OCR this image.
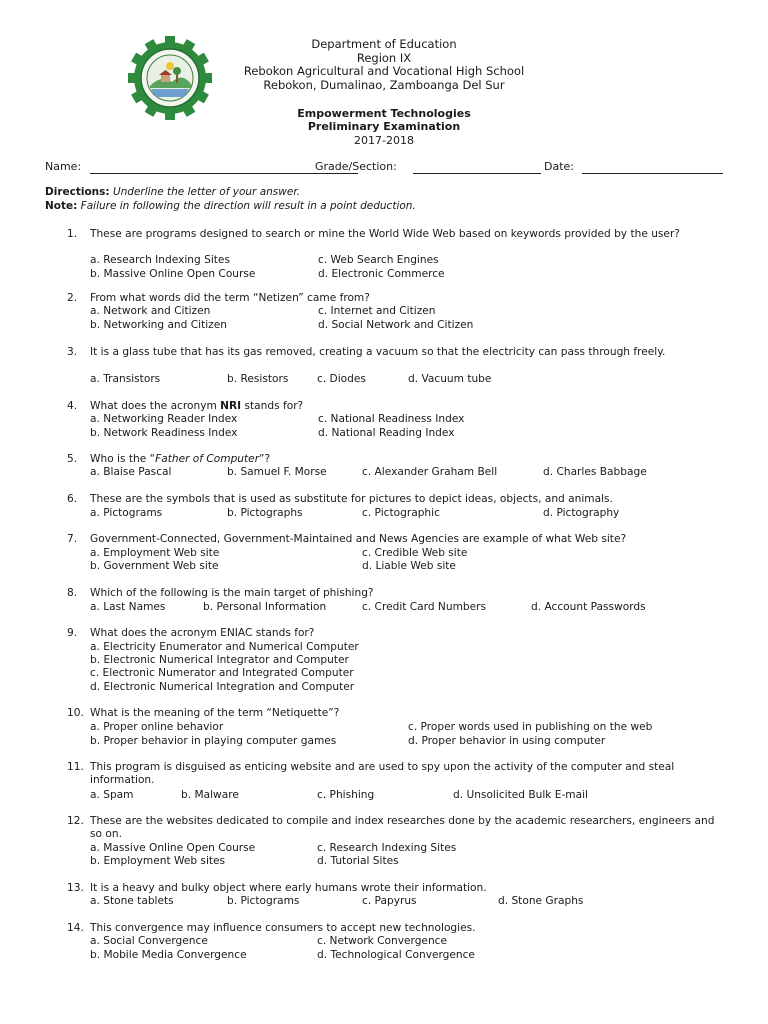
Department of Education
Region IX
Rebokon Agricultural and Vocational High School
Rebokon, Dumalinao, Zamboanga Del Sur
Empowerment Technologies
Preliminary Examination
2017-2018
Name:	Grade/Section:	Date:
Directions: Underline the letter of your answer.
Note: Failure in following the direction will result in a point deduction.
1. These are programs designed to search or mine the World Wide Web based on keywords provided by the user?
a. Research Indexing Sites	c. Web Search Engines
b. Massive Online Open Course	d. Electronic Commerce
2. From what words did the term “Netizen” came from?
a. Network and Citizen	c. Internet and Citizen
b. Networking and Citizen	d. Social Network and Citizen
3. It is a glass tube that has its gas removed, creating a vacuum so that the electricity can pass through freely.
a. Transistors	b. Resistors	c. Diodes	d. Vacuum tube
4. What does the acronym NRI stands for?
a. Networking Reader Index	c. National Readiness Index
b. Network Readiness Index	d. National Reading Index
5. Who is the “Father of Computer”?
a. Blaise Pascal	b. Samuel F. Morse	c. Alexander Graham Bell	d. Charles Babbage
6. These are the symbols that is used as substitute for pictures to depict ideas, objects, and animals.
a. Pictograms	b. Pictographs	c. Pictographic	d. Pictography
7. Government-Connected, Government-Maintained and News Agencies are example of what Web site?
a. Employment Web site	c. Credible Web site
b. Government Web site	d. Liable Web site
8. Which of the following is the main target of phishing?
a. Last Names	b. Personal Information	c. Credit Card Numbers	d. Account Passwords
9. What does the acronym ENIAC stands for?
a. Electricity Enumerator and Numerical Computer
b. Electronic Numerical Integrator and Computer
c. Electronic Numerator and Integrated Computer
d. Electronic Numerical Integration and Computer
10. What is the meaning of the term “Netiquette”?
a. Proper online behavior	c. Proper words used in publishing on the web
b. Proper behavior in playing computer games	d. Proper behavior in using computer
11. This program is disguised as enticing website and are used to spy upon the activity of the computer and steal information.
a. Spam	b. Malware	c. Phishing	d. Unsolicited Bulk E-mail
12. These are the websites dedicated to compile and index researches done by the academic researchers, engineers and so on.
a. Massive Online Open Course	c. Research Indexing Sites
b. Employment Web sites	d. Tutorial Sites
13. It is a heavy and bulky object where early humans wrote their information.
a. Stone tablets	b. Pictograms	c. Papyrus	d. Stone Graphs
14. This convergence may influence consumers to accept new technologies.
a. Social Convergence	c. Network Convergence
b. Mobile Media Convergence	d. Technological Convergence
